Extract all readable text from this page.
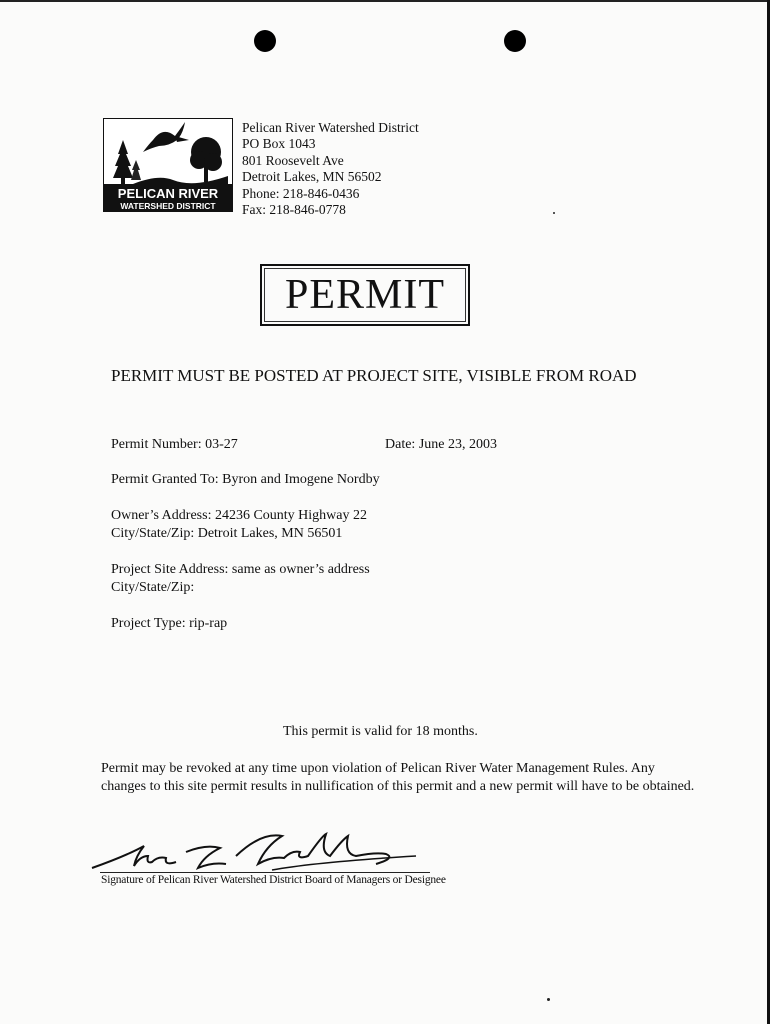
PELICAN RIVER
WATERSHED DISTRICT
Pelican River Watershed District
PO Box 1043
801 Roosevelt Ave
Detroit Lakes, MN 56502
Phone: 218-846-0436
Fax: 218-846-0778
PERMIT
PERMIT MUST BE POSTED AT PROJECT SITE, VISIBLE FROM ROAD
Permit Number: 03-27	Date: June 23, 2003
Permit Granted To: Byron and Imogene Nordby
Owner’s Address: 24236 County Highway 22
City/State/Zip: Detroit Lakes, MN 56501
Project Site Address: same as owner’s address
City/State/Zip:
Project Type: rip-rap
This permit is valid for 18 months.
Permit may be revoked at any time upon violation of Pelican River Water Management Rules. Any changes to this site permit results in nullification of this permit and a new permit will have to be obtained.
Signature of Pelican River Watershed District Board of Managers or Designee
